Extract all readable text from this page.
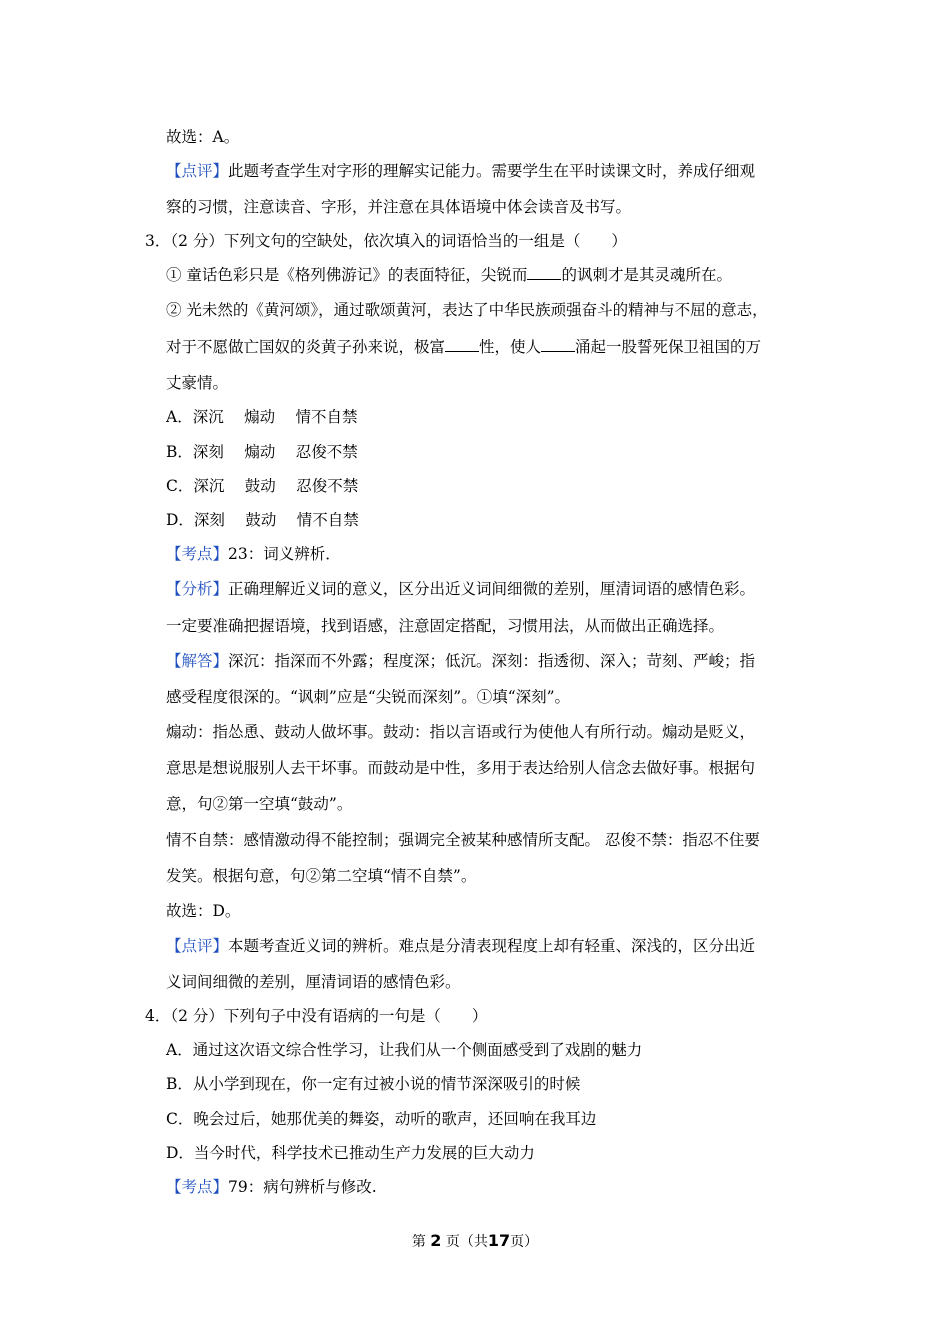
故选：A。
【点评】此题考查学生对字形的理解实记能力。需要学生在平时读课文时，养成仔细观
察的习惯，注意读音、字形，并注意在具体语境中体会读音及书写。
3．（2 分）下列文句的空缺处，依次填入的词语恰当的一组是（　　）
① 童话色彩只是《格列佛游记》的表面特征，尖锐而 的讽刺才是其灵魂所在。
② 光未然的《黄河颂》，通过歌颂黄河，表达了中华民族顽强奋斗的精神与不屈的意志，
对于不愿做亡国奴的炎黄子孙来说，极富 性，使人 涌起一股誓死保卫祖国的万
丈豪情。
A．深沉　 煽动　 情不自禁
B．深刻　 煽动　 忍俊不禁
C．深沉　 鼓动　 忍俊不禁
D．深刻　 鼓动　 情不自禁
【考点】23：词义辨析．
【分析】正确理解近义词的意义，区分出近义词间细微的差别，厘清词语的感情色彩。
一定要准确把握语境，找到语感，注意固定搭配，习惯用法，从而做出正确选择。
【解答】深沉：指深而不外露；程度深；低沉。深刻：指透彻、深入；苛刻、严峻；指
感受程度很深的。“讽刺”应是“尖锐而深刻”。①填“深刻”。
煽动：指怂恿、鼓动人做坏事。鼓动：指以言语或行为使他人有所行动。煽动是贬义，
意思是想说服别人去干坏事。而鼓动是中性，多用于表达给别人信念去做好事。根据句
意，句②第一空填“鼓动”。
情不自禁：感情激动得不能控制；强调完全被某种感情所支配。 忍俊不禁：指忍不住要
发笑。根据句意，句②第二空填“情不自禁”。
故选：D。
【点评】本题考查近义词的辨析。难点是分清表现程度上却有轻重、深浅的，区分出近
义词间细微的差别，厘清词语的感情色彩。
4．（2 分）下列句子中没有语病的一句是（　　）
A．通过这次语文综合性学习，让我们从一个侧面感受到了戏剧的魅力
B．从小学到现在，你一定有过被小说的情节深深吸引的时候
C．晚会过后，她那优美的舞姿，动听的歌声，还回响在我耳边
D．当今时代，科学技术已推动生产力发展的巨大动力
【考点】79：病句辨析与修改.
第 2 页（共17页）
